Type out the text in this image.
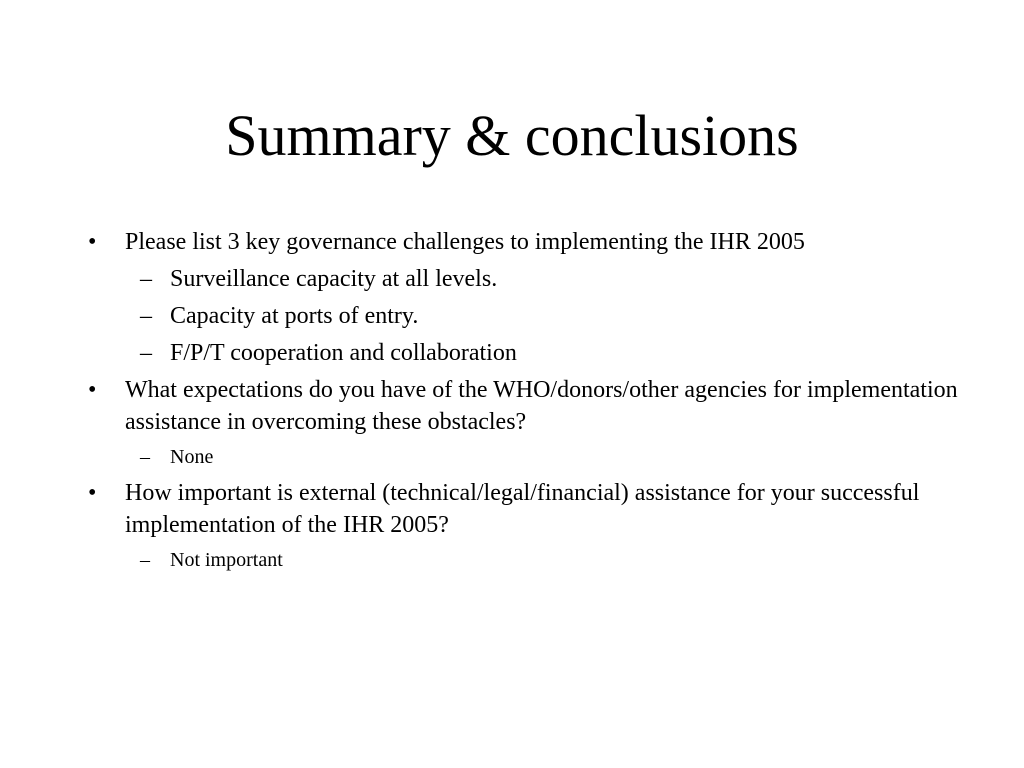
Summary & conclusions
• Please list 3 key governance challenges to implementing the IHR 2005
– Surveillance capacity at all levels.
– Capacity at ports of entry.
– F/P/T cooperation and collaboration
• What expectations do you have of the WHO/donors/other agencies for implementation assistance in overcoming these obstacles?
– None
• How important is external (technical/legal/financial) assistance for your successful implementation of the IHR 2005?
– Not important
